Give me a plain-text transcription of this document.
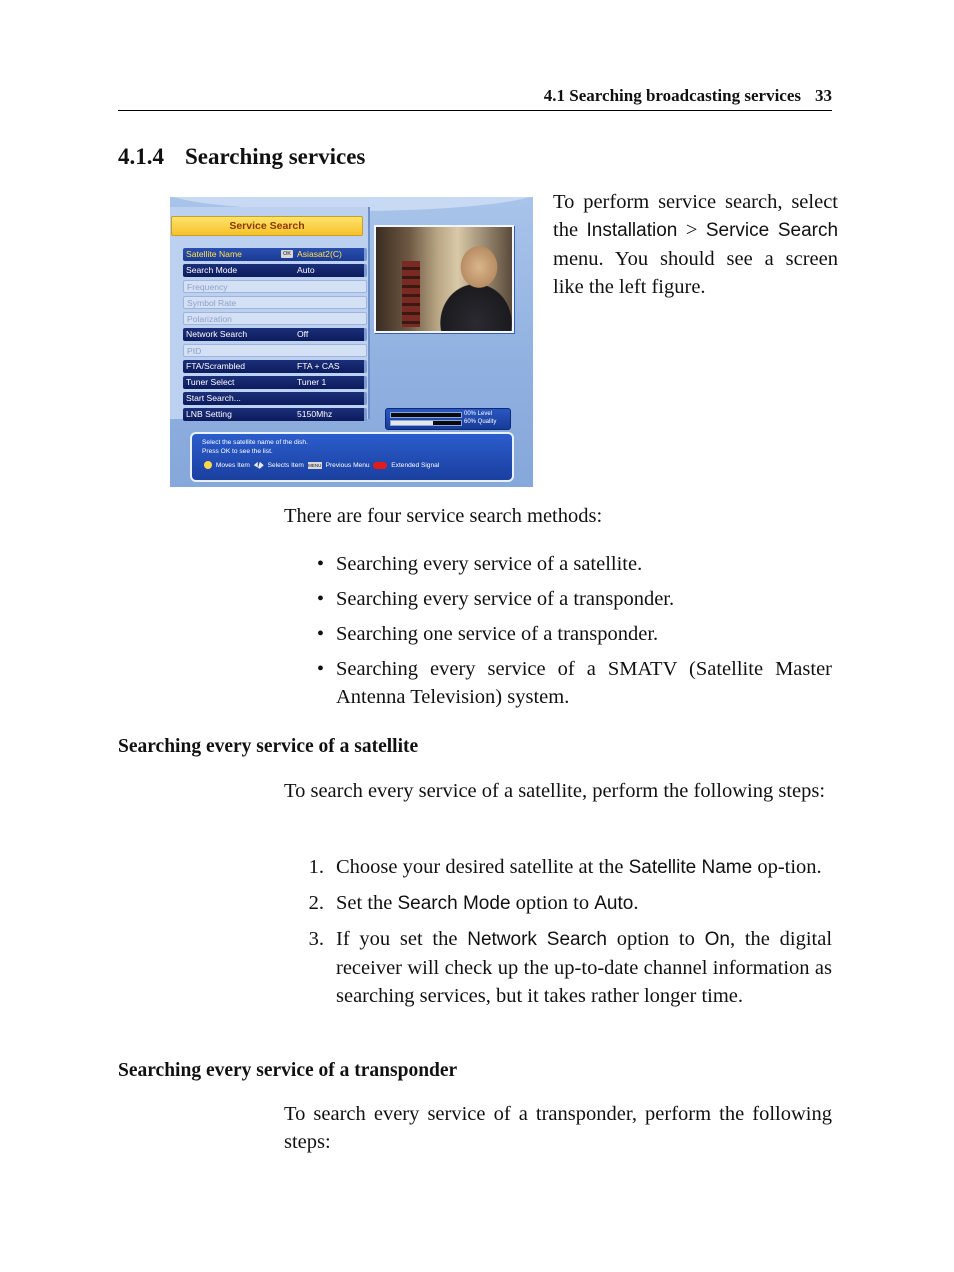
4.1 Searching broadcasting services 33
4.1.4 Searching services
Service Search
Satellite Name	OK Asiasat2(C)
Search Mode	Auto
Frequency
Symbol Rate
Polarization
Network Search	Off
PID
FTA/Scrambled	FTA + CAS
Tuner Select	Tuner 1
Start Search...
LNB Setting	5150Mhz	00% Level
60% Quality
Select the satellite name of the dish.
Press OK to see the list.
Moves Item	Selects Item MENU Previous Menu	Extended Signal
To perform service search, select the Installation > Service Search menu. You should see a screen like the left figure.
There are four service search methods:
• Searching every service of a satellite.
• Searching every service of a transponder.
• Searching one service of a transponder.
• Searching every service of a SMATV (Satellite Master Antenna Television) system.
Searching every service of a satellite
To search every service of a satellite, perform the following steps:
1. Choose your desired satellite at the Satellite Name op-tion.
2. Set the Search Mode option to Auto.
3. If you set the Network Search option to On, the digital receiver will check up the up-to-date channel information as searching services, but it takes rather longer time.
Searching every service of a transponder
To search every service of a transponder, perform the following steps:
